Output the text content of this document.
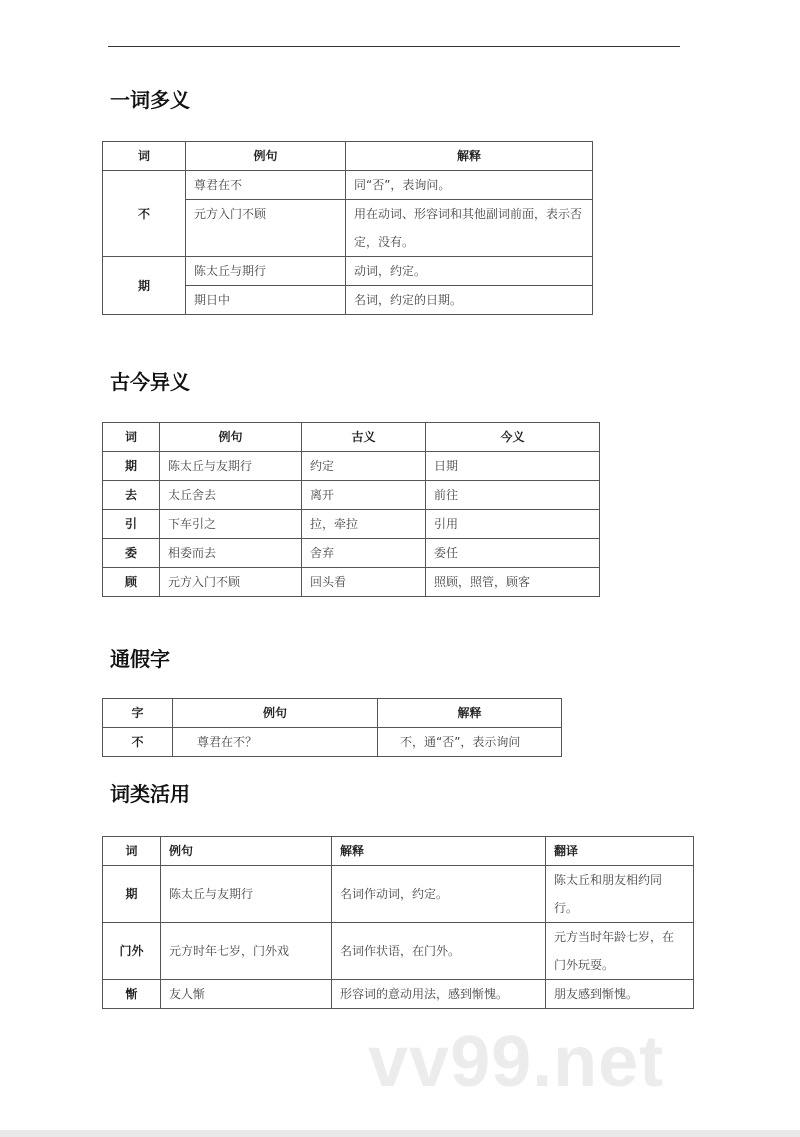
一词多义
词	例句	解释
不	尊君在不	同“否”，表询问。
	元方入门不顾	用在动词、形容词和其他副词前面，表示否定，没有。
期	陈太丘与期行	动词，约定。
	期日中	名词，约定的日期。
古今异义
词	例句	古义	今义
期	陈太丘与友期行	约定	日期
去	太丘舍去	离开	前往
引	下车引之	拉，牵拉	引用
委	相委而去	舍弃	委任
顾	元方入门不顾	回头看	照顾，照管，顾客
通假字
字	例句	解释
不	尊君在不？	不，通“否”，表示询问
词类活用
词	例句	解释	翻译
期	陈太丘与友期行	名词作动词，约定。	陈太丘和朋友相约同行。
门外	元方时年七岁，门外戏	名词作状语，在门外。	元方当时年龄七岁，在门外玩耍。
惭	友人惭	形容词的意动用法，感到惭愧。	朋友感到惭愧。
vv99.net
